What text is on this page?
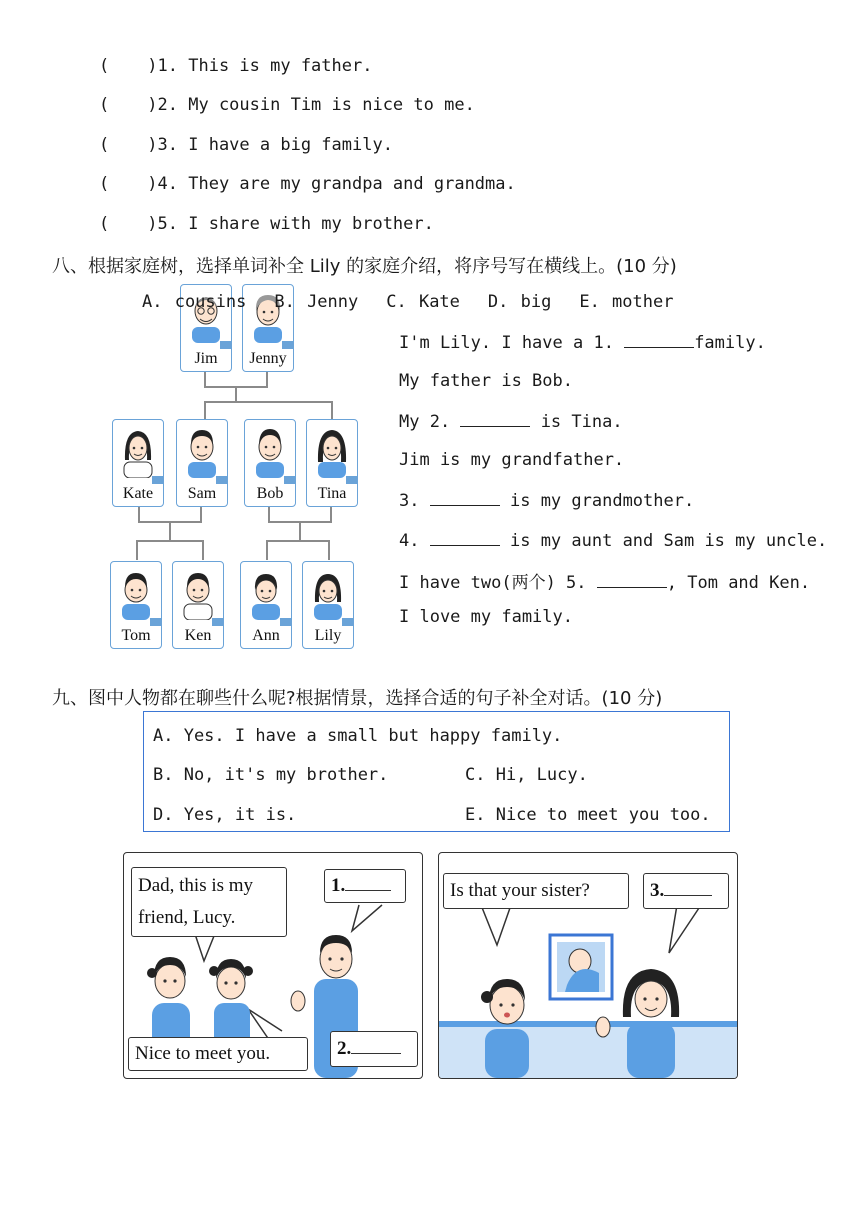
( )1. This is my father.
( )2. My cousin Tim is nice to me.
( )3. I have a big family.
( )4. They are my grandpa and grandma.
( )5. I share with my brother.
八、根据家庭树，选择单词补全 Lily 的家庭介绍，将序号写在横线上。(10 分)
Jim	Jenny
A. cousins B. Jenny C. Kate D. big E. mother
Kate	Sam	Bob	Tina
Tom	Ken	Ann	Lily
I'm Lily. I have a 1.	family.
My father is Bob.
My 2.	is Tina.
Jim is my grandfather.
3.	is my grandmother.
4.	is my aunt and Sam is my uncle.
I have two(两个) 5.	, Tom and Ken.
I love my family.
九、图中人物都在聊些什么呢?根据情景，选择合适的句子补全对话。(10 分)
A. Yes. I have a small but happy family.
B. No, it's my brother.	C. Hi, Lucy.
D. Yes, it is.	E. Nice to meet you too.
Dad, this is my
friend, Lucy.
1.
Nice to meet you.	2.
Is that your sister?	3.
